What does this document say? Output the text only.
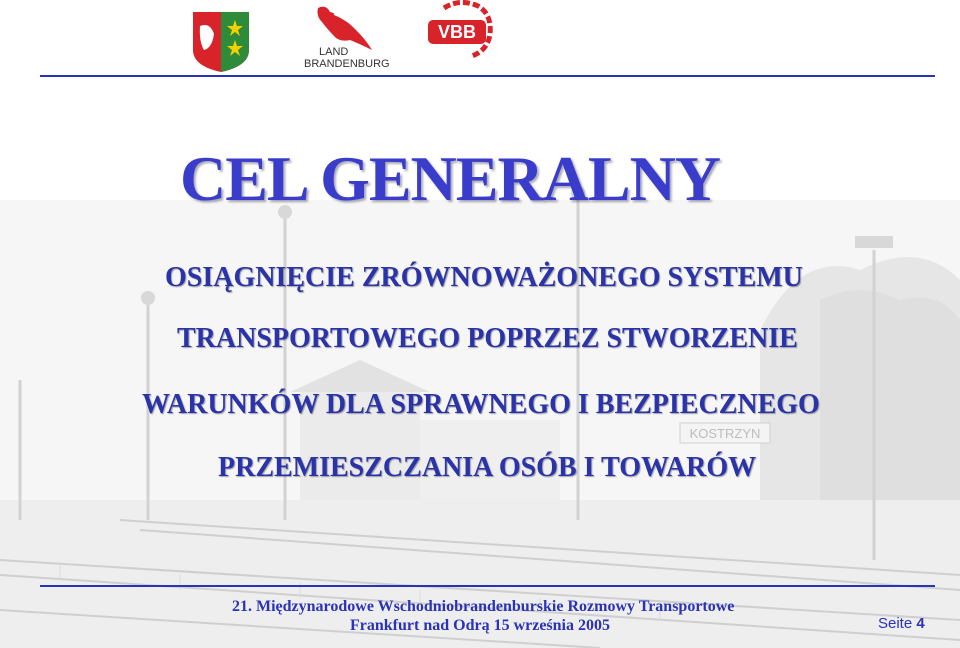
KOSTRZYN
LAND
BRANDENBURG
VBB
CEL GENERALNY
OSIĄGNIĘCIE ZRÓWNOWAŻONEGO SYSTEMU
TRANSPORTOWEGO POPRZEZ STWORZENIE
WARUNKÓW DLA SPRAWNEGO I BEZPIECZNEGO
PRZEMIESZCZANIA OSÓB I TOWARÓW
21. Międzynarodowe Wschodniobrandenburskie Rozmowy Transportowe
Frankfurt nad Odrą 15 września 2005	Seite 4
